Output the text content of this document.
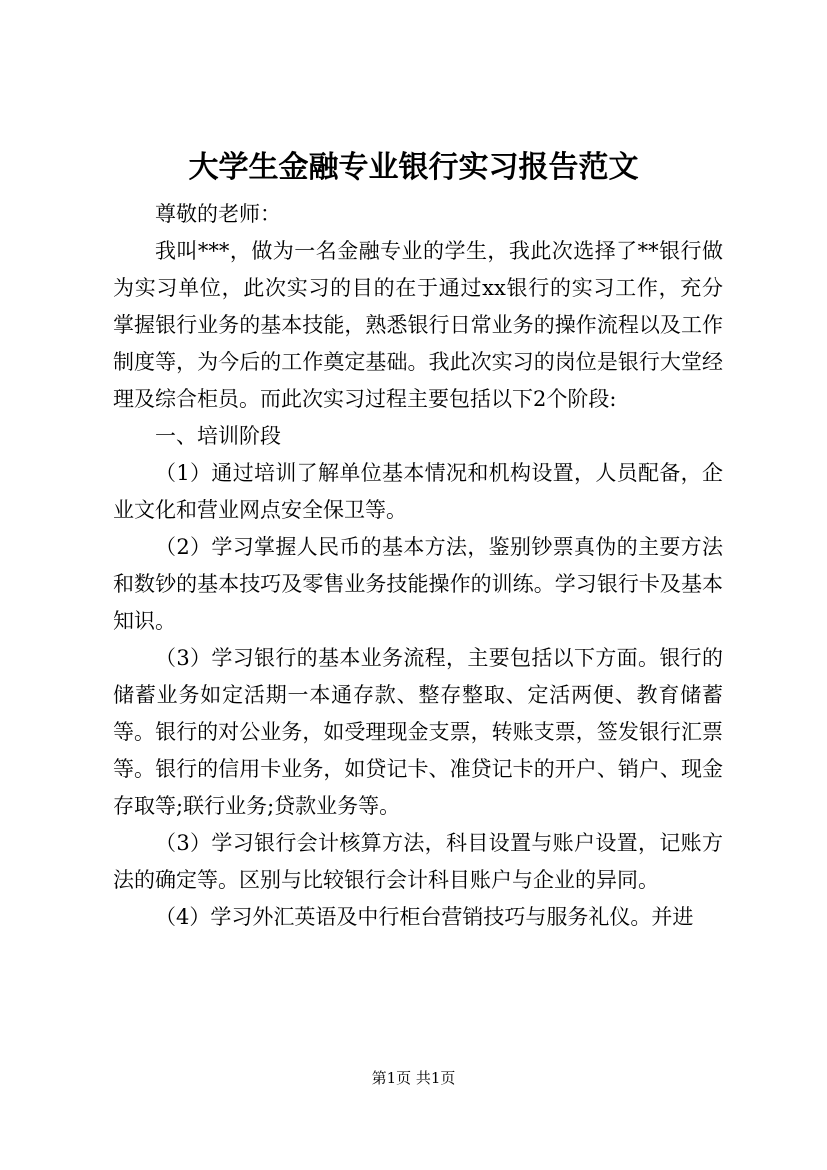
大学生金融专业银行实习报告范文

尊敬的老师：

我叫***，做为一名金融专业的学生，我此次选择了**银行做为实习单位，此次实习的目的在于通过xx银行的实习工作，充分掌握银行业务的基本技能，熟悉银行日常业务的操作流程以及工作制度等，为今后的工作奠定基础。我此次实习的岗位是银行大堂经理及综合柜员。而此次实习过程主要包括以下2个阶段:

一、培训阶段

（1）通过培训了解单位基本情况和机构设置，人员配备，企业文化和营业网点安全保卫等。

（2）学习掌握人民币的基本方法，鉴别钞票真伪的主要方法和数钞的基本技巧及零售业务技能操作的训练。学习银行卡及基本知识。

（3）学习银行的基本业务流程，主要包括以下方面。银行的储蓄业务如定活期一本通存款、整存整取、定活两便、教育储蓄等。银行的对公业务，如受理现金支票，转账支票，签发银行汇票等。银行的信用卡业务，如贷记卡、准贷记卡的开户、销户、现金存取等;联行业务;贷款业务等。

（3）学习银行会计核算方法，科目设置与账户设置，记账方法的确定等。区别与比较银行会计科目账户与企业的异同。

（4）学习外汇英语及中行柜台营销技巧与服务礼仪。并进

第1页 共1页
